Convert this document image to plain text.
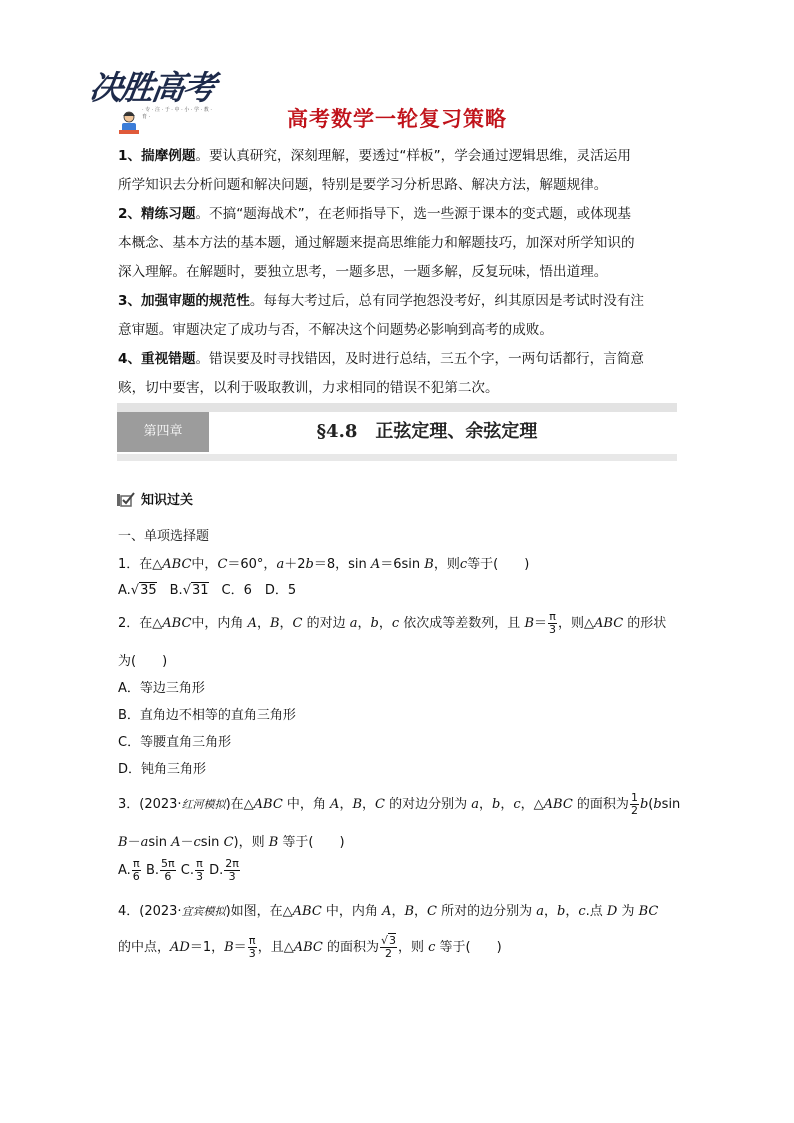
决胜高考
· 专 · 注 · 于 · 中 · 小 · 学 · 教 · 育 ·	高考数学一轮复习策略

1、揣摩例题。要认真研究，深刻理解，要透过“样板”，学会通过逻辑思维，灵活运用

所学知识去分析问题和解决问题，特别是要学习分析思路、解决方法，解题规律。

2、精练习题。不搞“题海战术”，在老师指导下，选一些源于课本的变式题，或体现基

本概念、基本方法的基本题，通过解题来提高思维能力和解题技巧，加深对所学知识的

深入理解。在解题时，要独立思考，一题多思，一题多解，反复玩味，悟出道理。

3、加强审题的规范性。每每大考过后，总有同学抱怨没考好，纠其原因是考试时没有注

意审题。审题决定了成功与否，不解决这个问题势必影响到高考的成败。

4、重视错题。错误要及时寻找错因，及时进行总结，三五个字，一两句话都行，言简意

赅，切中要害，以利于吸取教训，力求相同的错误不犯第二次。

第四章	§4.8　正弦定理、余弦定理
知识过关
一、单项选择题
1．在△ABC中，C＝60°，a＋2b＝8，sin A＝6sin B，则c等于(　　)
A.√35　B.√31　C．6　D．5
2．在△ABC中，内角 A，B，C 的对边 a，b，c 依次成等差数列，且 $B= \frac{\pi}{3}$ ，则△ABC 的形状
为(　　)
A．等边三角形
B．直角边不相等的直角三角形
C．等腰直角三角形
D．钝角三角形
3．(2023·红河模拟)在△ABC 中，角 A，B，C 的对边分别为 a，b，c，△ABC 的面积为 $\frac{1}{2} b(bsin$
B－asin A－csin C)，则 B 等于(　　)
A. $\frac{\pi}{6} B$. $\frac{5\pi}{6} C$. $\frac{\pi}{3} D$. $\frac{2\pi}{3}$
4．(2023·宜宾模拟)如图，在△ABC 中，内角 A，B，C 所对的边分别为 a，b，c.点 D 为 BC
的中点，AD＝1，$B= \frac{\pi}{3}$ ，且△ABC 的面积为 $\frac{√3}{2}$ ，则 c 等于(　　)
